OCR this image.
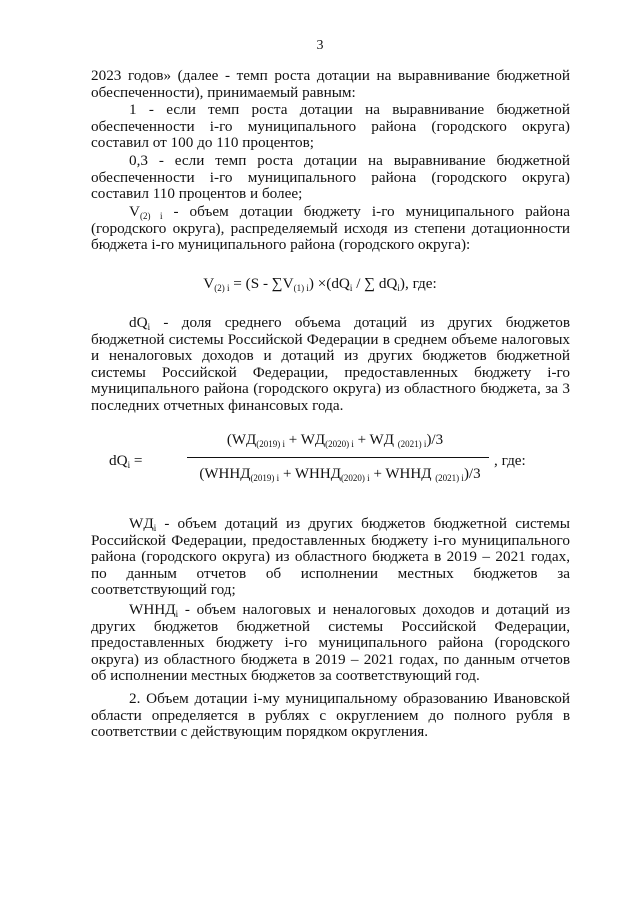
3
2023 годов» (далее - темп роста дотации на выравнивание бюджетной обеспеченности), принимаемый равным:
1 - если темп роста дотации на выравнивание бюджетной обеспеченности i-го муниципального района (городского округа) составил от 100 до 110 процентов;
0,3 - если темп роста дотации на выравнивание бюджетной обеспеченности i-го муниципального района (городского округа) составил 110 процентов и более;
$V_{(2) i}$ - объем дотации бюджету i-го муниципального района (городского округа), распределяемый исходя из степени дотационности бюджета i-го муниципального района (городского округа):
$V_{(2) i} = (S - \sum V_{(1) i}) \times(dQ_i$ / ∑ $dQ_i$), где:
$dQ_i$ - доля среднего объема дотаций из других бюджетов бюджетной системы Российской Федерации в среднем объеме налоговых и неналоговых доходов и дотаций из других бюджетов бюджетной системы Российской Федерации, предоставленных бюджету i-го муниципального района (городского округа) из областного бюджета, за 3 последних отчетных финансовых года.
$dQ_i$ =
($WД_{(2019) i} + WД_{(2020) i}$ + WД $_{(2021) i}$)/3
($WННД_{(2019) i}$ + $WННД_{(2020) i}$ + WННД $_{(2021) i}$)/3
, где:
$WД_i$ - объем дотаций из других бюджетов бюджетной системы Российской Федерации, предоставленных бюджету i-го муниципального района (городского округа) из областного бюджета в 2019 – 2021 годах, по данным отчетов об исполнении местных бюджетов за соответствующий год;
$WННД_i$ - объем налоговых и неналоговых доходов и дотаций из других бюджетов бюджетной системы Российской Федерации, предоставленных бюджету i-го муниципального района (городского округа) из областного бюджета в 2019 – 2021 годах, по данным отчетов об исполнении местных бюджетов за соответствующий год.
2. Объем дотации i-му муниципальному образованию Ивановской области определяется в рублях с округлением до полного рубля в соответствии с действующим порядком округления.
